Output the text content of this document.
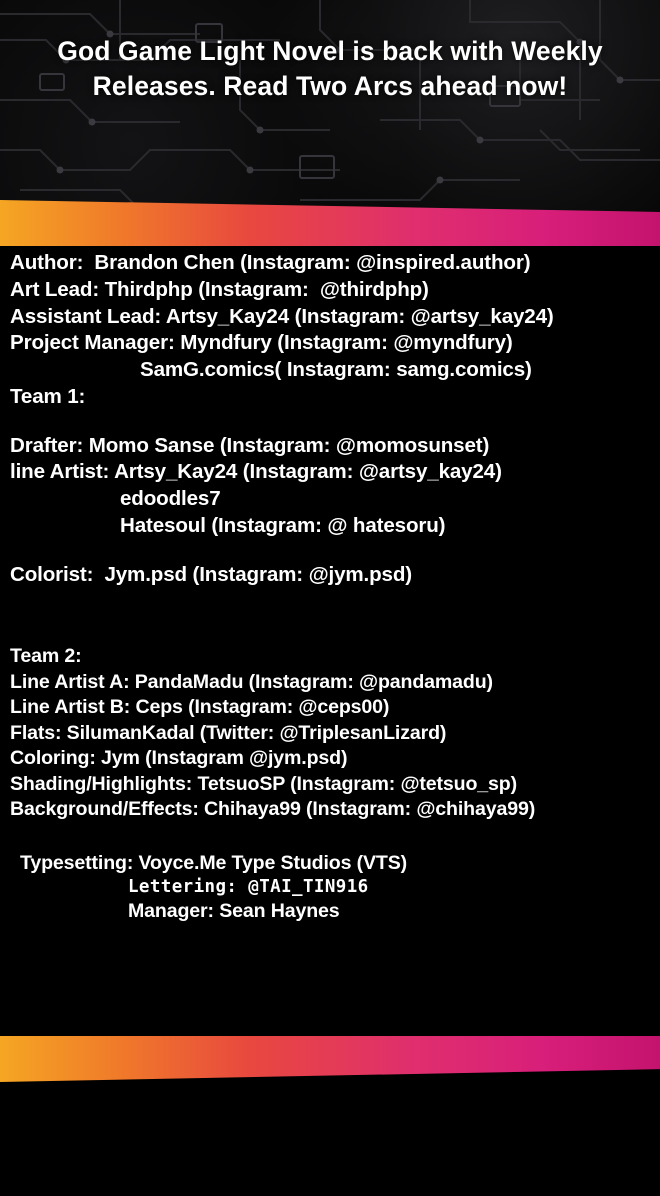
God Game Light Novel is back with Weekly Releases. Read Two Arcs ahead now!
Author:  Brandon Chen (Instagram: @inspired.author)
Art Lead: Thirdphp (Instagram:  @thirdphp)
Assistant Lead: Artsy_Kay24 (Instagram: @artsy_kay24)
Project Manager: Myndfury (Instagram: @myndfury)
SamG.comics( Instagram: samg.comics)
Team 1:
Drafter: Momo Sanse (Instagram: @momosunset)
line Artist: Artsy_Kay24 (Instagram: @artsy_kay24)
edoodles7
Hatesoul (Instagram: @ hatesoru)
Colorist:  Jym.psd (Instagram: @jym.psd)
Team 2:
Line Artist A: PandaMadu (Instagram: @pandamadu)
Line Artist B: Ceps (Instagram: @ceps00)
Flats: SilumanKadal (Twitter: @TriplesanLizard)
Coloring: Jym (Instagram @jym.psd)
Shading/Highlights: TetsuoSP (Instagram: @tetsuo_sp)
Background/Effects: Chihaya99 (Instagram: @chihaya99)
Typesetting: Voyce.Me Type Studios (VTS)
Lettering: @TAI_TIN916
Manager: Sean Haynes
